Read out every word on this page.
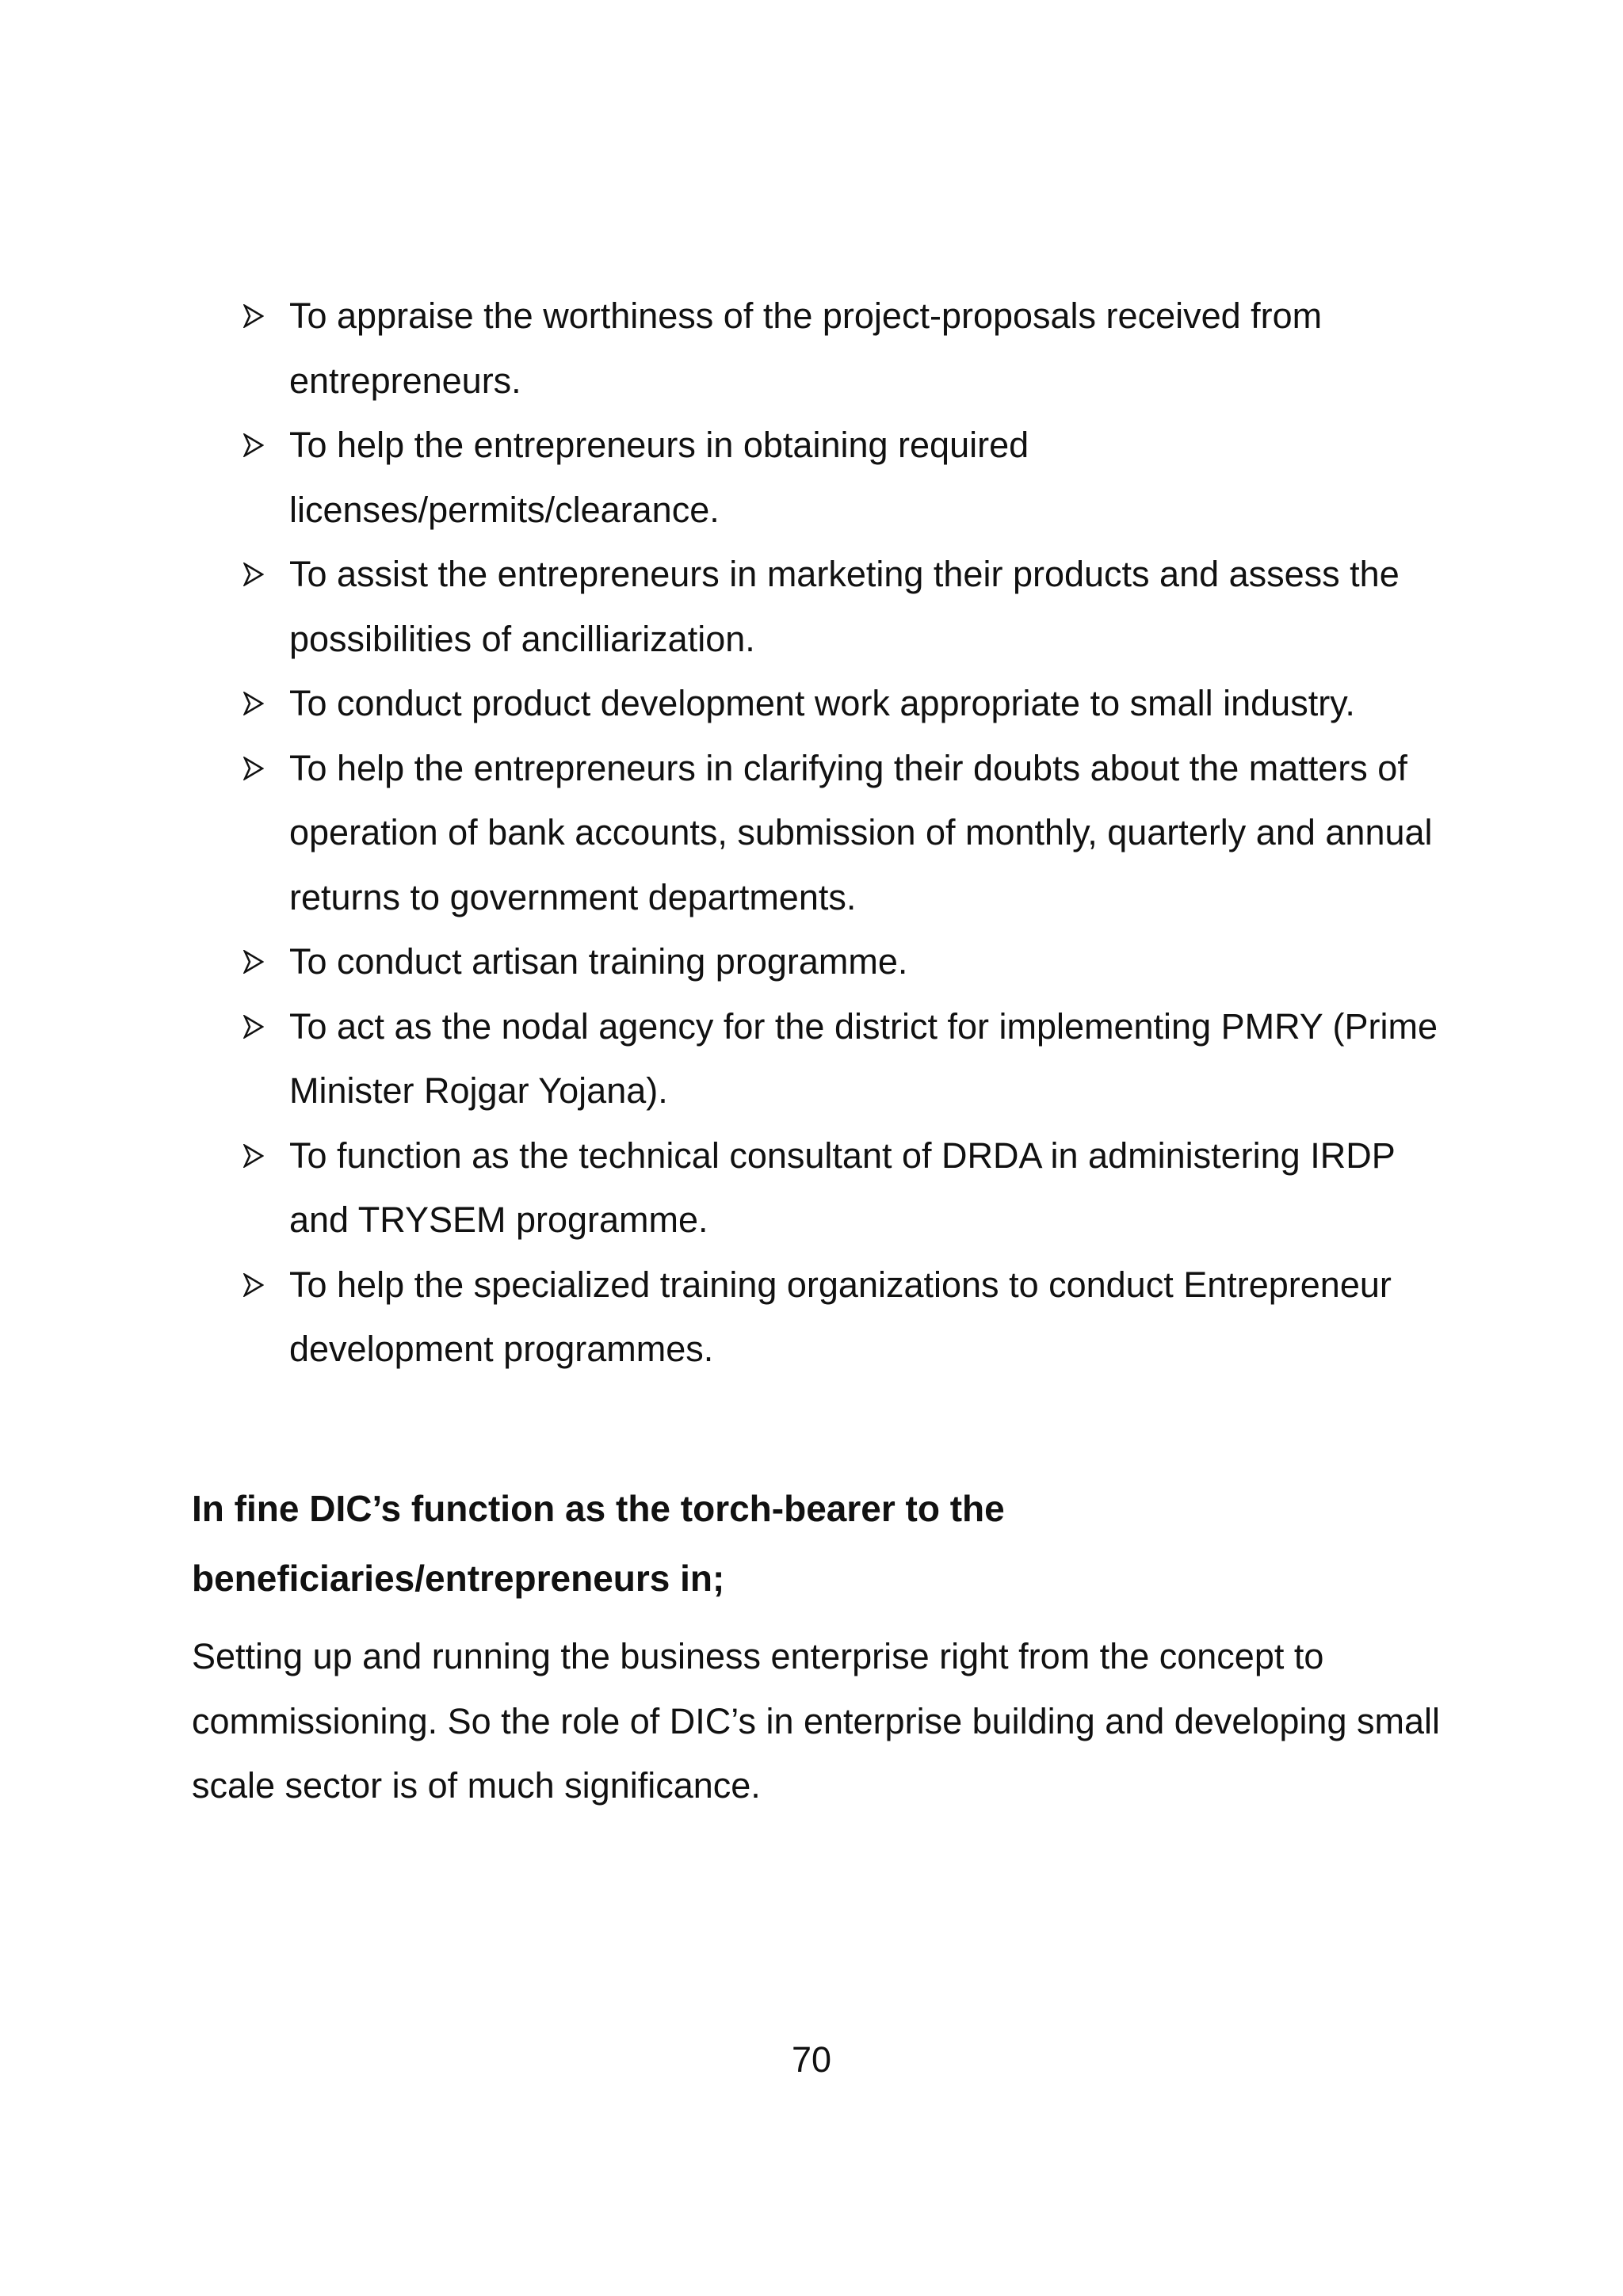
To appraise the worthiness of the project-proposals received from entrepreneurs.
To help the entrepreneurs in obtaining required licenses/permits/clearance.
To assist the entrepreneurs in marketing their products and assess the possibilities of ancilliarization.
To conduct product development work appropriate to small industry.
To help the entrepreneurs in clarifying their doubts about the matters of operation of bank accounts, submission of monthly, quarterly and annual returns to government departments.
To conduct artisan training programme.
To act as the nodal agency for the district for implementing PMRY (Prime Minister Rojgar Yojana).
To function as the technical consultant of DRDA in administering IRDP and TRYSEM programme.
To help the specialized training organizations to conduct Entrepreneur development programmes.

In fine DIC’s function as the torch-bearer to the beneficiaries/entrepreneurs in;

Setting up and running the business enterprise right from the concept to commissioning. So the role of DIC’s in enterprise building and developing small scale sector is of much significance.

70
